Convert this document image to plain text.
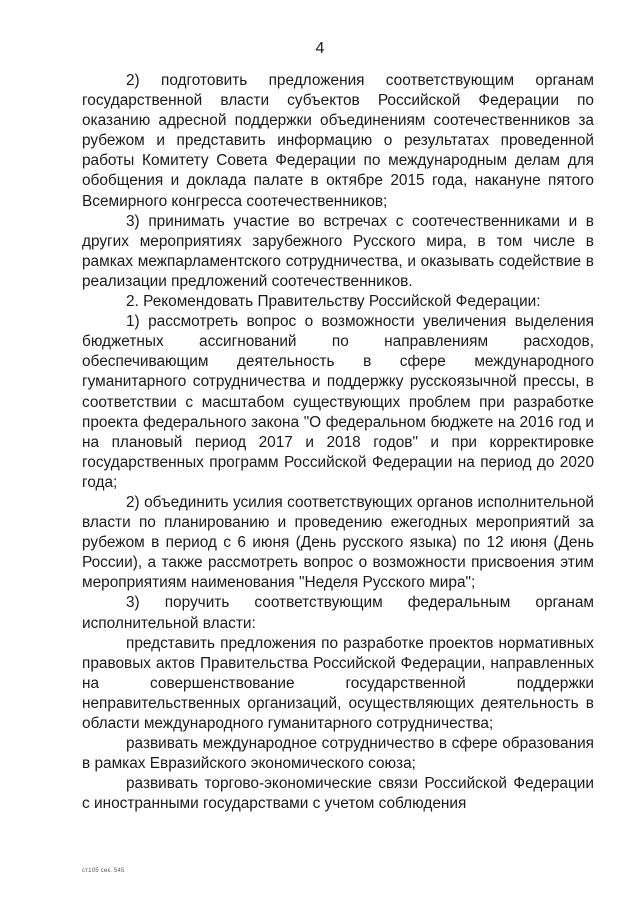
4

2) подготовить предложения соответствующим органам государственной власти субъектов Российской Федерации по оказанию адресной поддержки объединениям соотечественников за рубежом и представить информацию о результатах проведенной работы Комитету Совета Федерации по международным делам для обобщения и доклада палате в октябре 2015 года, накануне пятого Всемирного конгресса соотечественников;

3) принимать участие во встречах с соотечественниками и в других мероприятиях зарубежного Русского мира, в том числе в рамках межпарламентского сотрудничества, и оказывать содействие в реализации предложений соотечественников.

2. Рекомендовать Правительству Российской Федерации:

1) рассмотреть вопрос о возможности увеличения выделения бюджетных ассигнований по направлениям расходов, обеспечивающим деятельность в сфере международного гуманитарного сотрудничества и поддержку русскоязычной прессы, в соответствии с масштабом существующих проблем при разработке проекта федерального закона "О федеральном бюджете на 2016 год и на плановый период 2017 и 2018 годов" и при корректировке государственных программ Российской Федерации на период до 2020 года;

2) объединить усилия соответствующих органов исполнительной власти по планированию и проведению ежегодных мероприятий за рубежом в период с 6 июня (День русского языка) по 12 июня (День России), а также рассмотреть вопрос о возможности присвоения этим мероприятиям наименования "Неделя Русского мира";

3) поручить соответствующим федеральным органам исполнительной власти:

представить предложения по разработке проектов нормативных правовых актов Правительства Российской Федерации, направленных на совершенствование государственной поддержки неправительственных организаций, осуществляющих деятельность в области международного гуманитарного сотрудничества;

развивать международное сотрудничество в сфере образования в рамках Евразийского экономического союза;

развивать торгово-экономические связи Российской Федерации с иностранными государствами с учетом соблюдения

ст105 сек. 545
